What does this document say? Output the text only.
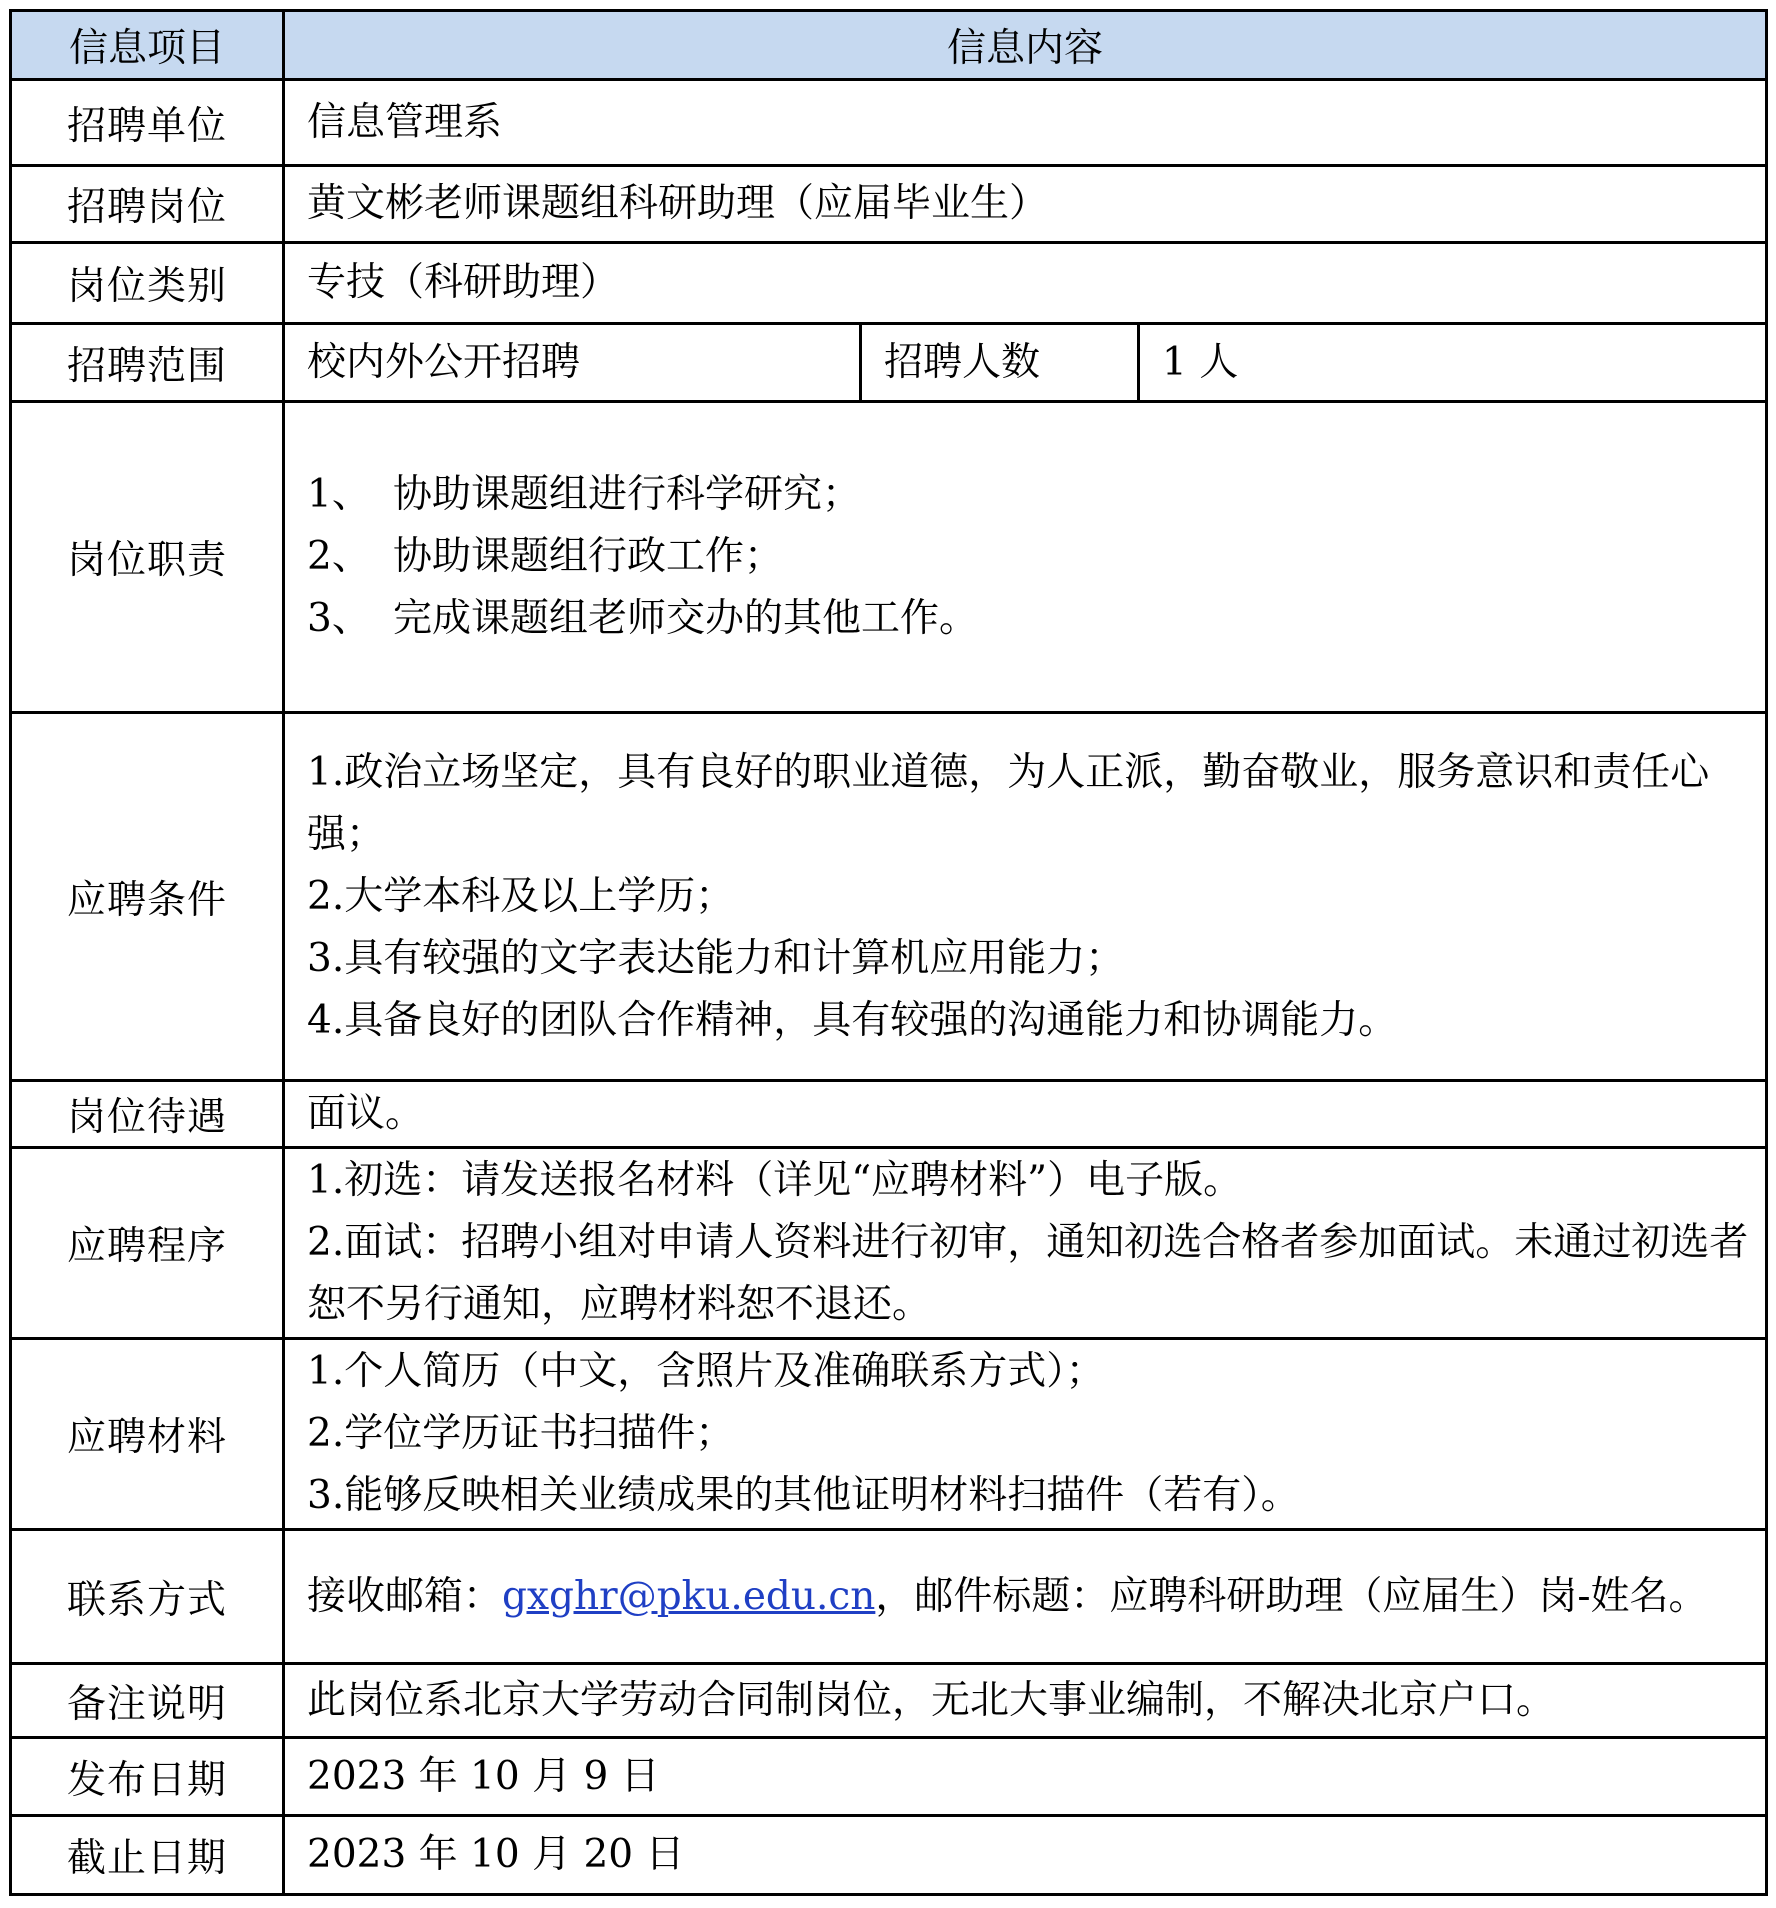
信息项目	信息内容		
招聘单位	信息管理系		
招聘岗位	黄文彬老师课题组科研助理（应届毕业生）		
岗位类别	专技（科研助理）		
招聘范围	校内外公开招聘	招聘人数	1 人
岗位职责	1、 协助课题组进行科学研究；
2、 协助课题组行政工作；
3、 完成课题组老师交办的其他工作。		

应聘条件	1.政治立场坚定，具有良好的职业道德，为人正派，勤奋敬业，服务意识和责任心强；
2.大学本科及以上学历；
3.具有较强的文字表达能力和计算机应用能力；
4.具备良好的团队合作精神，具有较强的沟通能力和协调能力。		

岗位待遇	面议。		
应聘程序	1.初选：请发送报名材料（详见“应聘材料”）电子版。
2.面试：招聘小组对申请人资料进行初审，通知初选合格者参加面试。未通过初选者恕不另行通知，应聘材料恕不退还。		

应聘材料	1.个人简历（中文，含照片及准确联系方式）；
2.学位学历证书扫描件；
3.能够反映相关业绩成果的其他证明材料扫描件（若有）。		

联系方式	接收邮箱：gxghr@pku.edu.cn，邮件标题：应聘科研助理（应届生）岗-姓名。		
备注说明	此岗位系北京大学劳动合同制岗位，无北大事业编制，不解决北京户口。		
发布日期	2023 年 10 月 9 日		
截止日期	2023 年 10 月 20 日		
